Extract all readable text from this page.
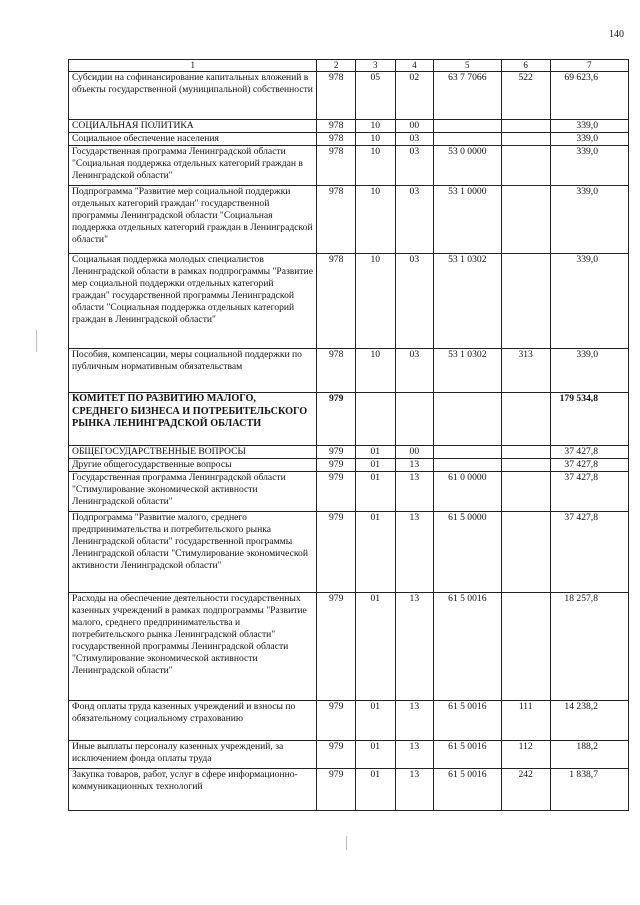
140
1	2	3	4	5	6	7
Субсидии на софинансирование капитальных вложений в объекты государственной (муниципальной) собственности	978	05	02	63 7 7066	522	69 623,6
СОЦИАЛЬНАЯ ПОЛИТИКА	978	10	00			339,0
Социальное обеспечение населения	978	10	03			339,0
Государственная программа Ленинградской области "Социальная поддержка отдельных категорий граждан в Ленинградской области"	978	10	03	53 0 0000		339,0
Подпрограмма "Развитие мер социальной поддержки отдельных категорий граждан" государственной программы Ленинградской области "Социальная поддержка отдельных категорий граждан в Ленинградской области"	978	10	03	53 1 0000		339,0
Социальная поддержка молодых специалистов Ленинградской области в рамках подпрограммы "Развитие мер социальной поддержки отдельных категорий граждан" государственной программы Ленинградской области "Социальная поддержка отдельных категорий граждан в Ленинградской области"	978	10	03	53 1 0302		339,0
Пособия, компенсации, меры социальной поддержки по публичным нормативным обязательствам	978	10	03	53 1 0302	313	339,0
КОМИТЕТ ПО РАЗВИТИЮ МАЛОГО, СРЕДНЕГО БИЗНЕСА И ПОТРЕБИТЕЛЬСКОГО РЫНКА ЛЕНИНГРАДСКОЙ ОБЛАСТИ	979					179 534,8
ОБЩЕГОСУДАРСТВЕННЫЕ ВОПРОСЫ	979	01	00			37 427,8
Другие общегосударственные вопросы	979	01	13			37 427,8
Государственная программа Ленинградской области "Стимулирование экономической активности Ленинградской области"	979	01	13	61 0 0000		37 427,8
Подпрограмма "Развитие малого, среднего предпринимательства и потребительского рынка Ленинградской области" государственной программы Ленинградской области "Стимулирование экономической активности Ленинградской области"	979	01	13	61 5 0000		37 427,8
Расходы на обеспечение деятельности государственных казенных учреждений в рамках подпрограммы "Развитие малого, среднего предпринимательства и потребительского рынка Ленинградской области" государственной программы Ленинградской области "Стимулирование экономической активности Ленинградской области"	979	01	13	61 5 0016		18 257,8
Фонд оплаты труда казенных учреждений и взносы по обязательному социальному страхованию	979	01	13	61 5 0016	111	14 238,2
Иные выплаты персоналу казенных учреждений, за исключением фонда оплаты труда	979	01	13	61 5 0016	112	188,2
Закупка товаров, работ, услуг в сфере информационно-коммуникационных технологий	979	01	13	61 5 0016	242	1 838,7
